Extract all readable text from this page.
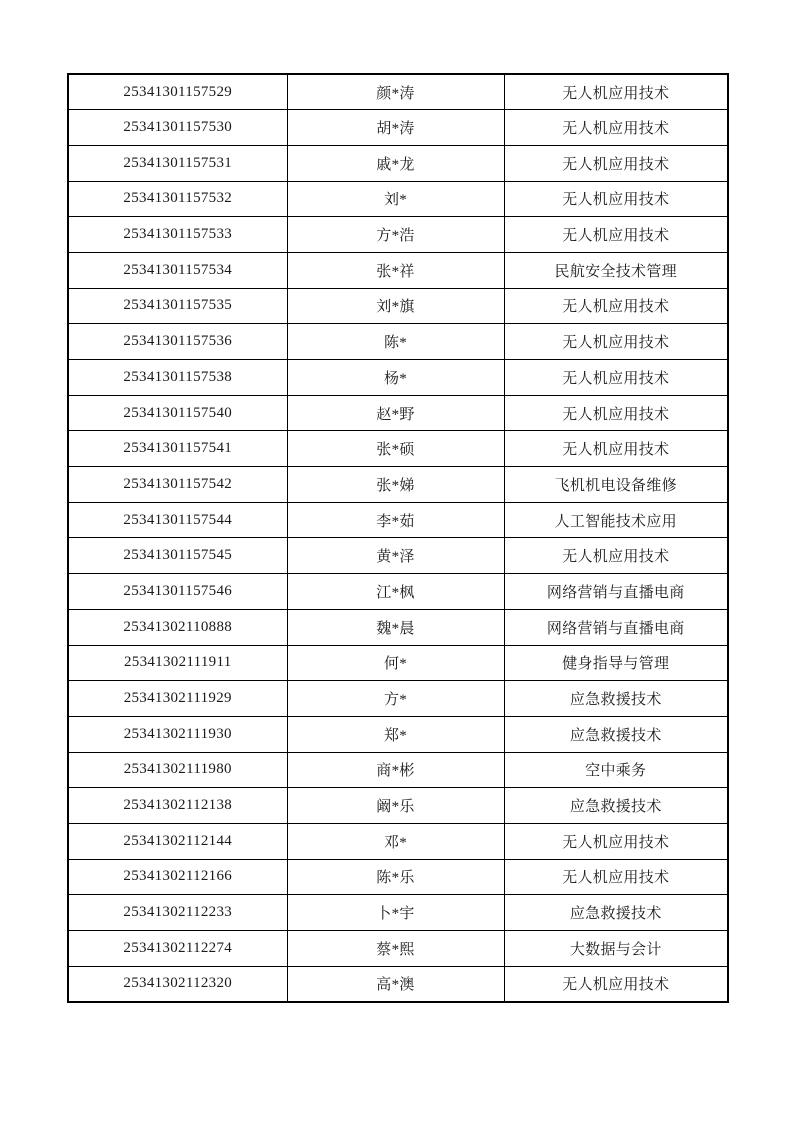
25341301157529	颜*涛	无人机应用技术
25341301157530	胡*涛	无人机应用技术
25341301157531	戚*龙	无人机应用技术
25341301157532	刘*	无人机应用技术
25341301157533	方*浩	无人机应用技术
25341301157534	张*祥	民航安全技术管理
25341301157535	刘*旗	无人机应用技术
25341301157536	陈*	无人机应用技术
25341301157538	杨*	无人机应用技术
25341301157540	赵*野	无人机应用技术
25341301157541	张*硕	无人机应用技术
25341301157542	张*娣	飞机机电设备维修
25341301157544	李*茹	人工智能技术应用
25341301157545	黄*泽	无人机应用技术
25341301157546	江*枫	网络营销与直播电商
25341302110888	魏*晨	网络营销与直播电商
25341302111911	何*	健身指导与管理
25341302111929	方*	应急救援技术
25341302111930	郑*	应急救援技术
25341302111980	商*彬	空中乘务
25341302112138	阚*乐	应急救援技术
25341302112144	邓*	无人机应用技术
25341302112166	陈*乐	无人机应用技术
25341302112233	卜*宇	应急救援技术
25341302112274	蔡*熙	大数据与会计
25341302112320	高*澳	无人机应用技术
